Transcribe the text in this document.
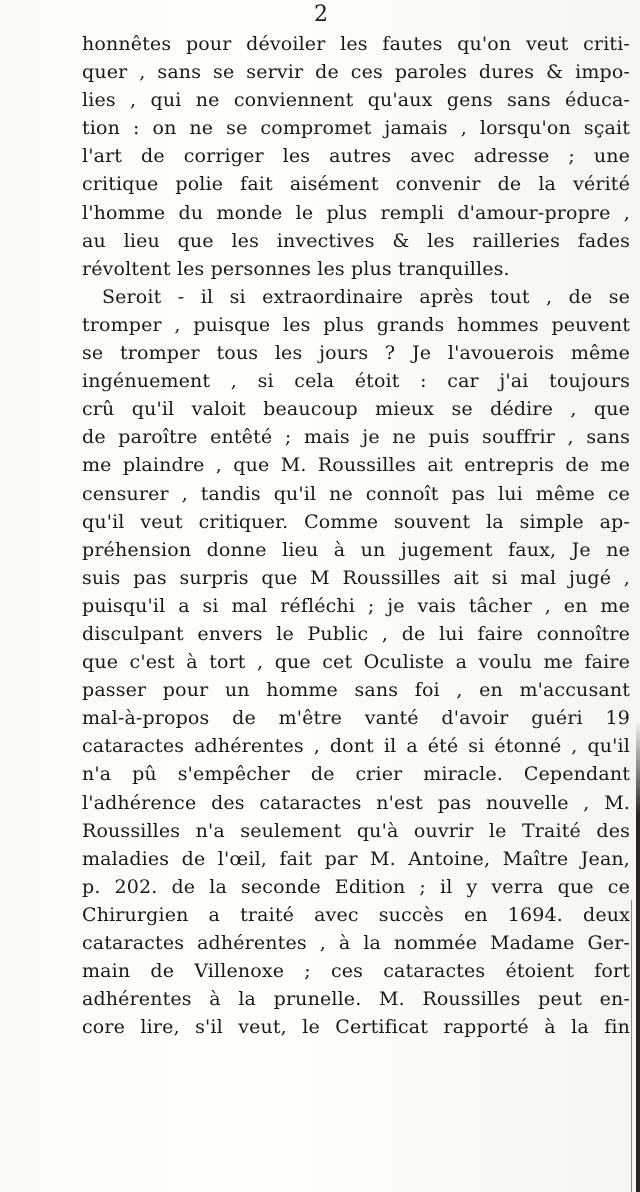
2
honnêtes pour dévoiler les fautes qu'on veut criti-
quer , sans se servir de ces paroles dures & impo-
lies , qui ne conviennent qu'aux gens sans éduca-
tion : on ne se compromet jamais , lorsqu'on sçait
l'art de corriger les autres avec adresse ; une
critique polie fait aisément convenir de la vérité
l'homme du monde le plus rempli d'amour-propre ,
au lieu que les invectives & les railleries fades
révoltent les personnes les plus tranquilles.
Seroit - il si extraordinaire après tout , de se
tromper , puisque les plus grands hommes peuvent
se tromper tous les jours ? Je l'avouerois même
ingénuement , si cela étoit : car j'ai toujours
crû qu'il valoit beaucoup mieux se dédire , que
de paroître entêté ; mais je ne puis souffrir , sans
me plaindre , que M. Roussilles ait entrepris de me
censurer , tandis qu'il ne connoît pas lui même ce
qu'il veut critiquer. Comme souvent la simple ap-
préhension donne lieu à un jugement faux, Je ne
suis pas surpris que M Roussilles ait si mal jugé ,
puisqu'il a si mal réfléchi ; je vais tâcher , en me
disculpant envers le Public , de lui faire connoître
que c'est à tort , que cet Oculiste a voulu me faire
passer pour un homme sans foi , en m'accusant
mal-à-propos de m'être vanté d'avoir guéri 19
cataractes adhérentes , dont il a été si étonné , qu'il
n'a pû s'empêcher de crier miracle. Cependant
l'adhérence des cataractes n'est pas nouvelle , M.
Roussilles n'a seulement qu'à ouvrir le Traité des
maladies de l'œil, fait par M. Antoine, Maître Jean,
p. 202. de la seconde Edition ; il y verra que ce
Chirurgien a traité avec succès en 1694. deux
cataractes adhérentes , à la nommée Madame Ger-
main de Villenoxe ; ces cataractes étoient fort
adhérentes à la prunelle. M. Roussilles peut en-
core lire, s'il veut, le Certificat rapporté à la fin
